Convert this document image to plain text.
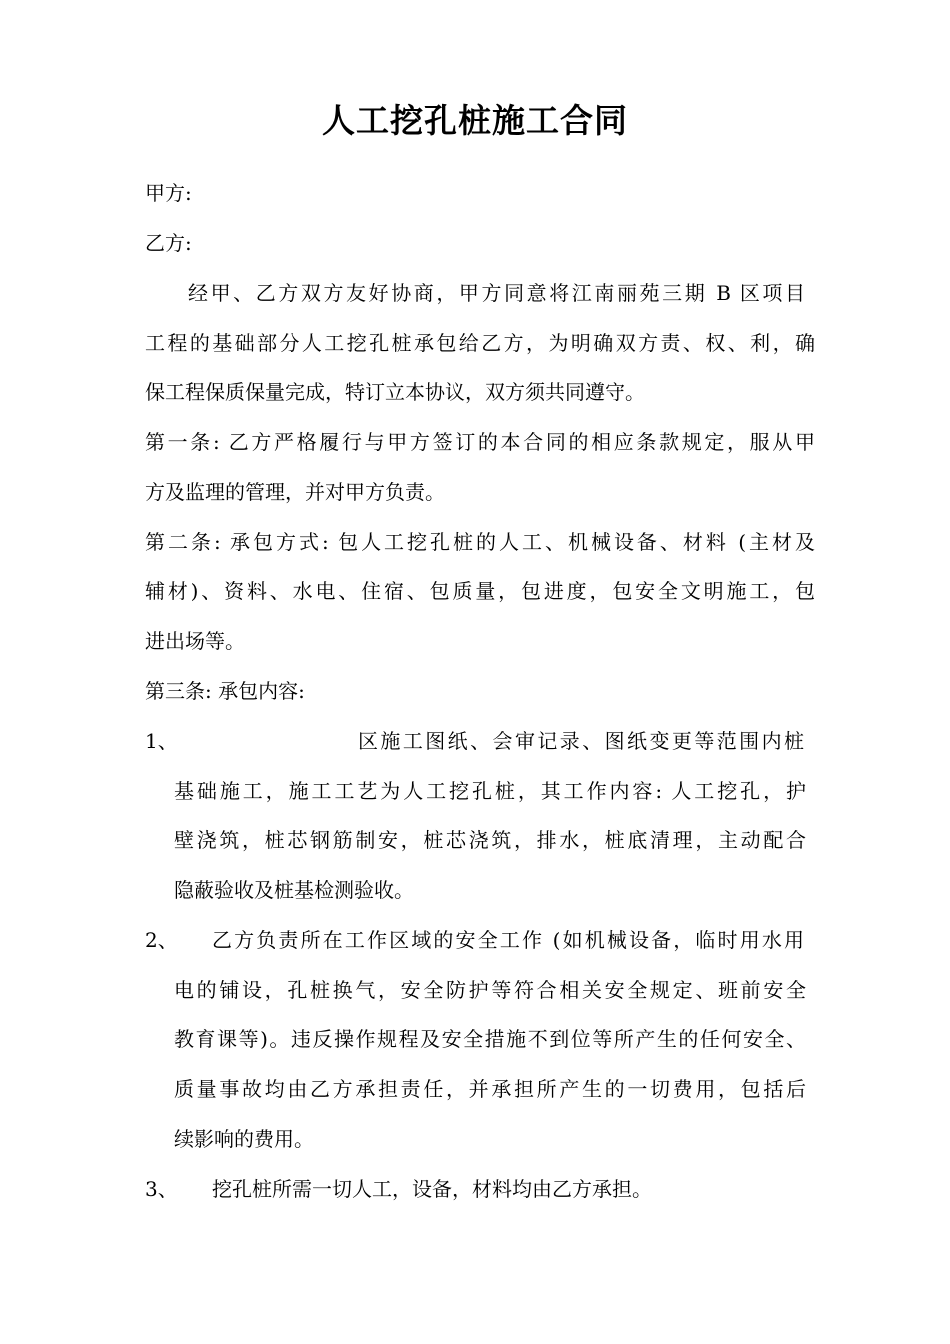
人工挖孔桩施工合同
甲方:
乙方:
经甲、乙方双方友好协商，甲方同意将江南丽苑三期 B 区项目
工程的基础部分人工挖孔桩承包给乙方，为明确双方责、权、利，确
保工程保质保量完成，特订立本协议，双方须共同遵守。
第一条: 乙方严格履行与甲方签订的本合同的相应条款规定，服从甲
方及监理的管理，并对甲方负责。
第二条: 承包方式: 包人工挖孔桩的人工、机械设备、材料 (主材及
辅材)、资料、水电、住宿、包质量，包进度，包安全文明施工，包
进出场等。
第三条: 承包内容:
1、	区施工图纸、会审记录、图纸变更等范围内桩
基础施工，施工工艺为人工挖孔桩，其工作内容: 人工挖孔，护
壁浇筑，桩芯钢筋制安，桩芯浇筑，排水，桩底清理，主动配合
隐蔽验收及桩基检测验收。
2、 乙方负责所在工作区域的安全工作 (如机械设备，临时用水用
电的铺设，孔桩换气，安全防护等符合相关安全规定、班前安全
教育课等)。违反操作规程及安全措施不到位等所产生的任何安全、
质量事故均由乙方承担责任，并承担所产生的一切费用，包括后
续影响的费用。
3、 挖孔桩所需一切人工，设备，材料均由乙方承担。
